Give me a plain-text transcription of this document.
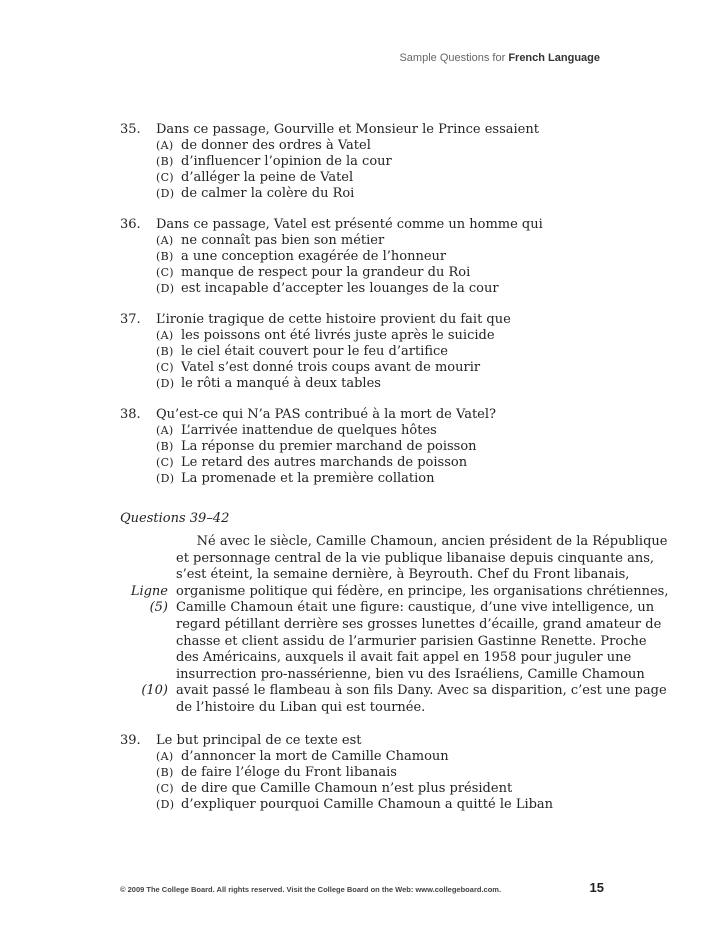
Sample Questions for French Language
35.	Dans ce passage, Gourville et Monsieur le Prince essaient
(A) de donner des ordres à Vatel
(B) d’influencer l’opinion de la cour
(C) d’alléger la peine de Vatel
(D) de calmer la colère du Roi
36.	Dans ce passage, Vatel est présenté comme un homme qui
(A) ne connaît pas bien son métier
(B) a une conception exagérée de l’honneur
(C) manque de respect pour la grandeur du Roi
(D) est incapable d’accepter les louanges de la cour
37.	L’ironie tragique de cette histoire provient du fait que
(A) les poissons ont été livrés juste après le suicide
(B) le ciel était couvert pour le feu d’artifice
(C) Vatel s’est donné trois coups avant de mourir
(D) le rôti a manqué à deux tables
38.	Qu’est-ce qui N’a PAS contribué à la mort de Vatel?
(A) L’arrivée inattendue de quelques hôtes
(B) La réponse du premier marchand de poisson
(C) Le retard des autres marchands de poisson
(D) La promenade et la première collation
Questions 39–42
Né avec le siècle, Camille Chamoun, ancien président de la République
et personnage central de la vie publique libanaise depuis cinquante ans,
s’est éteint, la semaine dernière, à Beyrouth. Chef du Front libanais,
Ligne organisme politique qui fédère, en principe, les organisations chrétiennes,
(5) Camille Chamoun était une figure: caustique, d’une vive intelligence, un
regard pétillant derrière ses grosses lunettes d’écaille, grand amateur de
chasse et client assidu de l’armurier parisien Gastinne Renette. Proche
des Américains, auxquels il avait fait appel en 1958 pour juguler une
insurrection pro-nassérienne, bien vu des Israéliens, Camille Chamoun
(10) avait passé le flambeau à son fils Dany. Avec sa disparition, c’est une page
de l’histoire du Liban qui est tournée.
39.	Le but principal de ce texte est
(A) d’annoncer la mort de Camille Chamoun
(B) de faire l’éloge du Front libanais
(C) de dire que Camille Chamoun n’est plus président
(D) d’expliquer pourquoi Camille Chamoun a quitté le Liban
© 2009 The College Board. All rights reserved. Visit the College Board on the Web: www.collegeboard.com.	15
